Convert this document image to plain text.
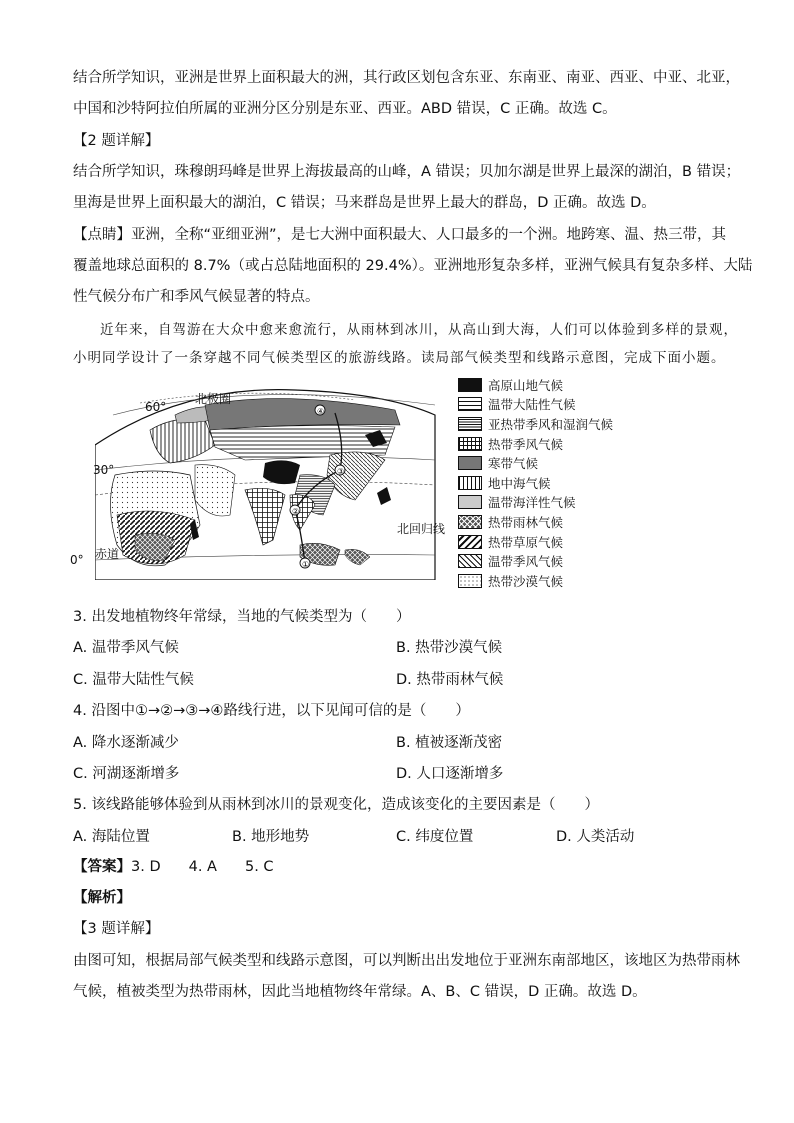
结合所学知识，亚洲是世界上面积最大的洲，其行政区划包含东亚、东南亚、南亚、西亚、中亚、北亚，
中国和沙特阿拉伯所属的亚洲分区分别是东亚、西亚。ABD 错误，C 正确。故选 C。
【2 题详解】
结合所学知识，珠穆朗玛峰是世界上海拔最高的山峰，A 错误；贝加尔湖是世界上最深的湖泊，B 错误；
里海是世界上面积最大的湖泊，C 错误；马来群岛是世界上最大的群岛，D 正确。故选 D。
【点睛】亚洲，全称“亚细亚洲”，是七大洲中面积最大、人口最多的一个洲。地跨寒、温、热三带，其
覆盖地球总面积的 8.7%（或占总陆地面积的 29.4%）。亚洲地形复杂多样，亚洲气候具有复杂多样、大陆
性气候分布广和季风气候显著的特点。
近年来，自驾游在大众中愈来愈流行，从雨林到冰川，从高山到大海，人们可以体验到多样的景观，
小明同学设计了一条穿越不同气候类型区的旅游线路。读局部气候类型和线路示意图，完成下面小题。
①
②
③
④
60°
30°
0°
北极圈
北回归线
赤道
高原山地气候
温带大陆性气候
亚热带季风和湿润气候
热带季风气候
寒带气候
地中海气候
温带海洋性气候
热带雨林气候
热带草原气候
温带季风气候
热带沙漠气候
3. 出发地植物终年常绿，当地的气候类型为（　　）
A. 温带季风气候	B. 热带沙漠气候
C. 温带大陆性气候	D. 热带雨林气候
4. 沿图中①→②→③→④路线行进，以下见闻可信的是（　　）
A. 降水逐渐减少	B. 植被逐渐茂密
C. 河湖逐渐增多	D. 人口逐渐增多
5. 该线路能够体验到从雨林到冰川的景观变化，造成该变化的主要因素是（　　）
A. 海陆位置	B. 地形地势	C. 纬度位置	D. 人类活动
【答案】3. D 4. A 5. C
【解析】
【3 题详解】
由图可知，根据局部气候类型和线路示意图，可以判断出出发地位于亚洲东南部地区，该地区为热带雨林
气候，植被类型为热带雨林，因此当地植物终年常绿。A、B、C 错误，D 正确。故选 D。
